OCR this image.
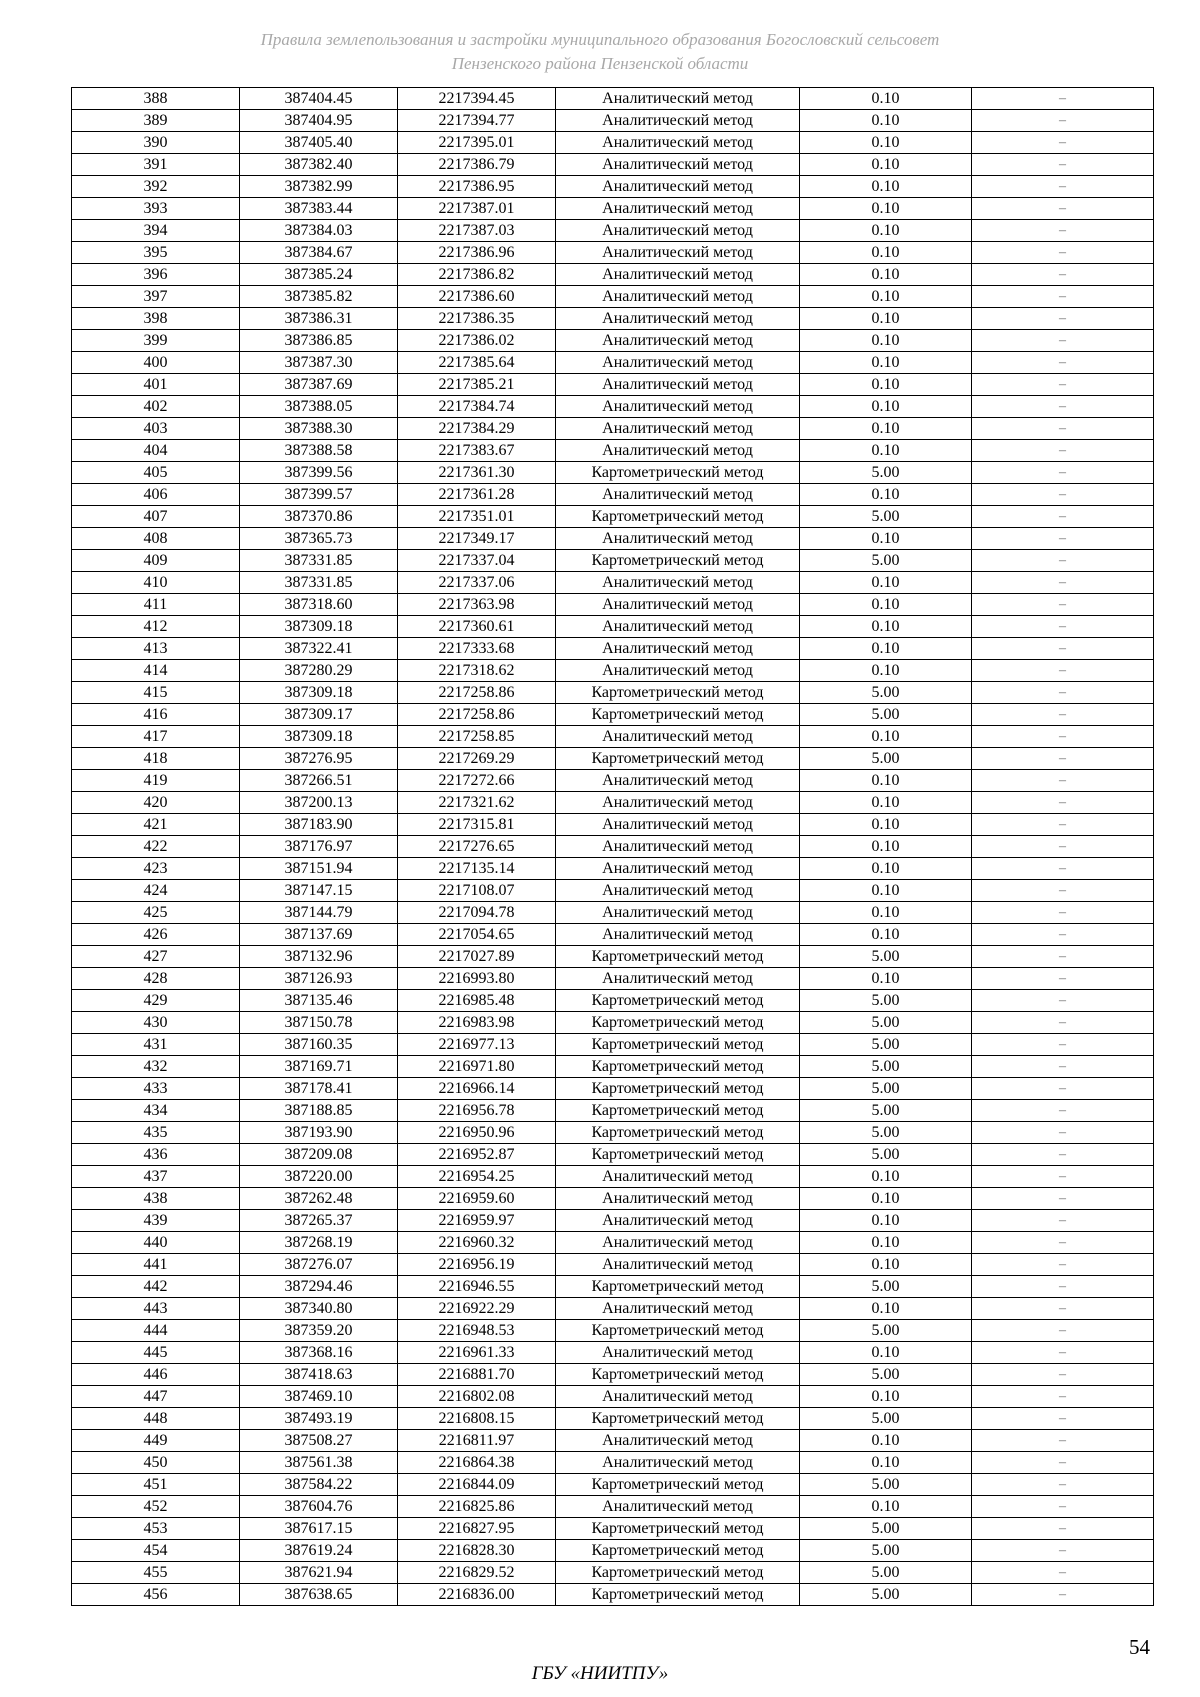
Правила землепользования и застройки муниципального образования Богословский сельсовет
Пензенского района Пензенской области
388	387404.45	2217394.45	Аналитический метод	0.10	–
389	387404.95	2217394.77	Аналитический метод	0.10	–
390	387405.40	2217395.01	Аналитический метод	0.10	–
391	387382.40	2217386.79	Аналитический метод	0.10	–
392	387382.99	2217386.95	Аналитический метод	0.10	–
393	387383.44	2217387.01	Аналитический метод	0.10	–
394	387384.03	2217387.03	Аналитический метод	0.10	–
395	387384.67	2217386.96	Аналитический метод	0.10	–
396	387385.24	2217386.82	Аналитический метод	0.10	–
397	387385.82	2217386.60	Аналитический метод	0.10	–
398	387386.31	2217386.35	Аналитический метод	0.10	–
399	387386.85	2217386.02	Аналитический метод	0.10	–
400	387387.30	2217385.64	Аналитический метод	0.10	–
401	387387.69	2217385.21	Аналитический метод	0.10	–
402	387388.05	2217384.74	Аналитический метод	0.10	–
403	387388.30	2217384.29	Аналитический метод	0.10	–
404	387388.58	2217383.67	Аналитический метод	0.10	–
405	387399.56	2217361.30	Картометрический метод	5.00	–
406	387399.57	2217361.28	Аналитический метод	0.10	–
407	387370.86	2217351.01	Картометрический метод	5.00	–
408	387365.73	2217349.17	Аналитический метод	0.10	–
409	387331.85	2217337.04	Картометрический метод	5.00	–
410	387331.85	2217337.06	Аналитический метод	0.10	–
411	387318.60	2217363.98	Аналитический метод	0.10	–
412	387309.18	2217360.61	Аналитический метод	0.10	–
413	387322.41	2217333.68	Аналитический метод	0.10	–
414	387280.29	2217318.62	Аналитический метод	0.10	–
415	387309.18	2217258.86	Картометрический метод	5.00	–
416	387309.17	2217258.86	Картометрический метод	5.00	–
417	387309.18	2217258.85	Аналитический метод	0.10	–
418	387276.95	2217269.29	Картометрический метод	5.00	–
419	387266.51	2217272.66	Аналитический метод	0.10	–
420	387200.13	2217321.62	Аналитический метод	0.10	–
421	387183.90	2217315.81	Аналитический метод	0.10	–
422	387176.97	2217276.65	Аналитический метод	0.10	–
423	387151.94	2217135.14	Аналитический метод	0.10	–
424	387147.15	2217108.07	Аналитический метод	0.10	–
425	387144.79	2217094.78	Аналитический метод	0.10	–
426	387137.69	2217054.65	Аналитический метод	0.10	–
427	387132.96	2217027.89	Картометрический метод	5.00	–
428	387126.93	2216993.80	Аналитический метод	0.10	–
429	387135.46	2216985.48	Картометрический метод	5.00	–
430	387150.78	2216983.98	Картометрический метод	5.00	–
431	387160.35	2216977.13	Картометрический метод	5.00	–
432	387169.71	2216971.80	Картометрический метод	5.00	–
433	387178.41	2216966.14	Картометрический метод	5.00	–
434	387188.85	2216956.78	Картометрический метод	5.00	–
435	387193.90	2216950.96	Картометрический метод	5.00	–
436	387209.08	2216952.87	Картометрический метод	5.00	–
437	387220.00	2216954.25	Аналитический метод	0.10	–
438	387262.48	2216959.60	Аналитический метод	0.10	–
439	387265.37	2216959.97	Аналитический метод	0.10	–
440	387268.19	2216960.32	Аналитический метод	0.10	–
441	387276.07	2216956.19	Аналитический метод	0.10	–
442	387294.46	2216946.55	Картометрический метод	5.00	–
443	387340.80	2216922.29	Аналитический метод	0.10	–
444	387359.20	2216948.53	Картометрический метод	5.00	–
445	387368.16	2216961.33	Аналитический метод	0.10	–
446	387418.63	2216881.70	Картометрический метод	5.00	–
447	387469.10	2216802.08	Аналитический метод	0.10	–
448	387493.19	2216808.15	Картометрический метод	5.00	–
449	387508.27	2216811.97	Аналитический метод	0.10	–
450	387561.38	2216864.38	Аналитический метод	0.10	–
451	387584.22	2216844.09	Картометрический метод	5.00	–
452	387604.76	2216825.86	Аналитический метод	0.10	–
453	387617.15	2216827.95	Картометрический метод	5.00	–
454	387619.24	2216828.30	Картометрический метод	5.00	–
455	387621.94	2216829.52	Картометрический метод	5.00	–
456	387638.65	2216836.00	Картометрический метод	5.00	–
54
ГБУ «НИИТПУ»
